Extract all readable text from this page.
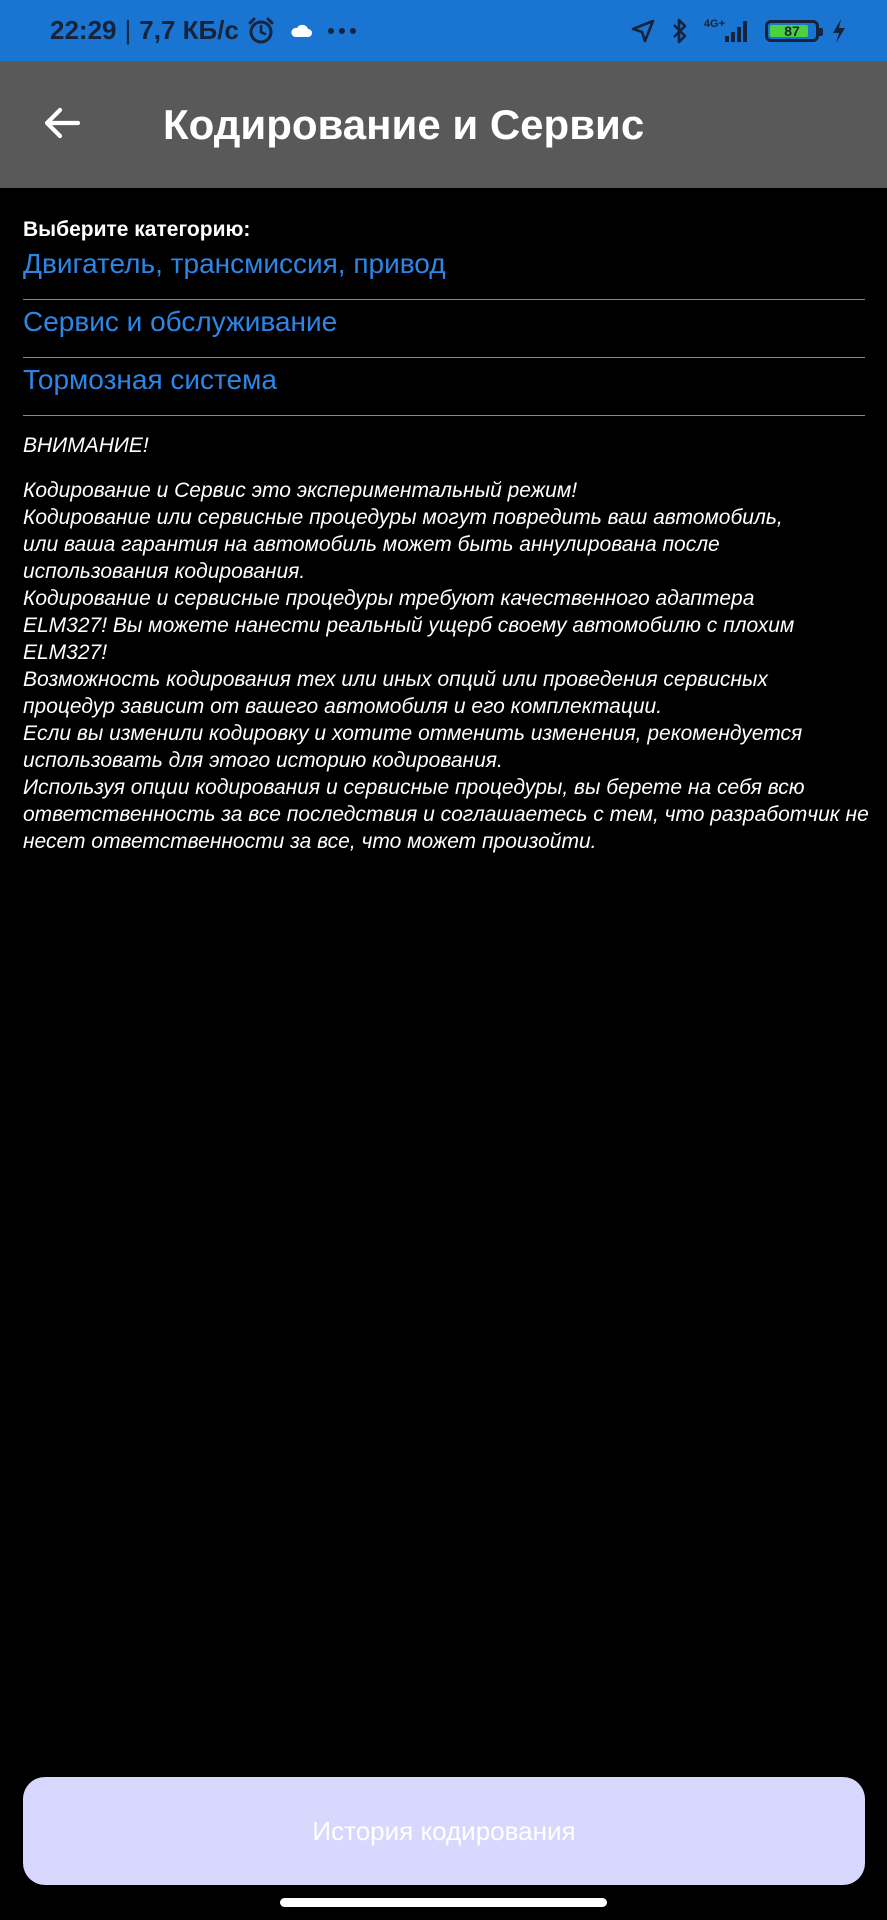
22:29 | 7,7 КБ/с	4G+	87
Кодирование и Сервис
Выберите категорию:
Двигатель, трансмиссия, привод
Сервис и обслуживание
Тормозная система
ВНИМАНИЕ!
Кодирование и Сервис это экспериментальный режим!
Кодирование или сервисные процедуры могут повредить ваш автомобиль,
или ваша гарантия на автомобиль может быть аннулирована после
использования кодирования.
Кодирование и сервисные процедуры требуют качественного адаптера
ELM327! Вы можете нанести реальный ущерб своему автомобилю с плохим
ELM327!
Возможность кодирования тех или иных опций или проведения сервисных
процедур зависит от вашего автомобиля и его комплектации.
Если вы изменили кодировку и хотите отменить изменения, рекомендуется
использовать для этого историю кодирования.
Используя опции кодирования и сервисные процедуры, вы берете на себя всю
ответственность за все последствия и соглашаетесь с тем, что разработчик не
несет ответственности за все, что может произойти.
История кодирования
